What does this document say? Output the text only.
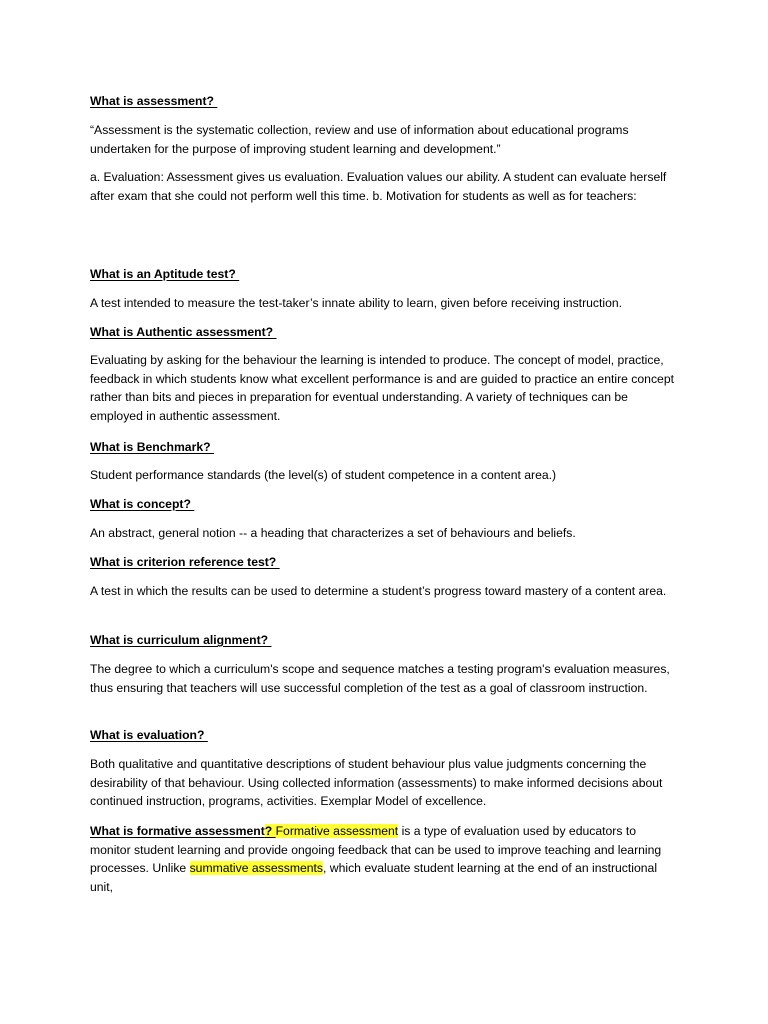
What is assessment?

“Assessment is the systematic collection, review and use of information about educational programs undertaken for the purpose of improving student learning and development.”

a. Evaluation: Assessment gives us evaluation. Evaluation values our ability. A student can evaluate herself after exam that she could not perform well this time. b. Motivation for students as well as for teachers:

What is an Aptitude test?

A test intended to measure the test-taker’s innate ability to learn, given before receiving instruction.

What is Authentic assessment?

Evaluating by asking for the behaviour the learning is intended to produce. The concept of model, practice, feedback in which students know what excellent performance is and are guided to practice an entire concept rather than bits and pieces in preparation for eventual understanding. A variety of techniques can be employed in authentic assessment.

What is Benchmark?

Student performance standards (the level(s) of student competence in a content area.)

What is concept?

An abstract, general notion -- a heading that characterizes a set of behaviours and beliefs.

What is criterion reference test?

A test in which the results can be used to determine a student’s progress toward mastery of a content area.

What is curriculum alignment?

The degree to which a curriculum's scope and sequence matches a testing program's evaluation measures, thus ensuring that teachers will use successful completion of the test as a goal of classroom instruction.

What is evaluation?

Both qualitative and quantitative descriptions of student behaviour plus value judgments concerning the desirability of that behaviour. Using collected information (assessments) to make informed decisions about continued instruction, programs, activities. Exemplar Model of excellence.

What is formative assessment? Formative assessment is a type of evaluation used by educators to monitor student learning and provide ongoing feedback that can be used to improve teaching and learning processes. Unlike summative assessments, which evaluate student learning at the end of an instructional unit,
